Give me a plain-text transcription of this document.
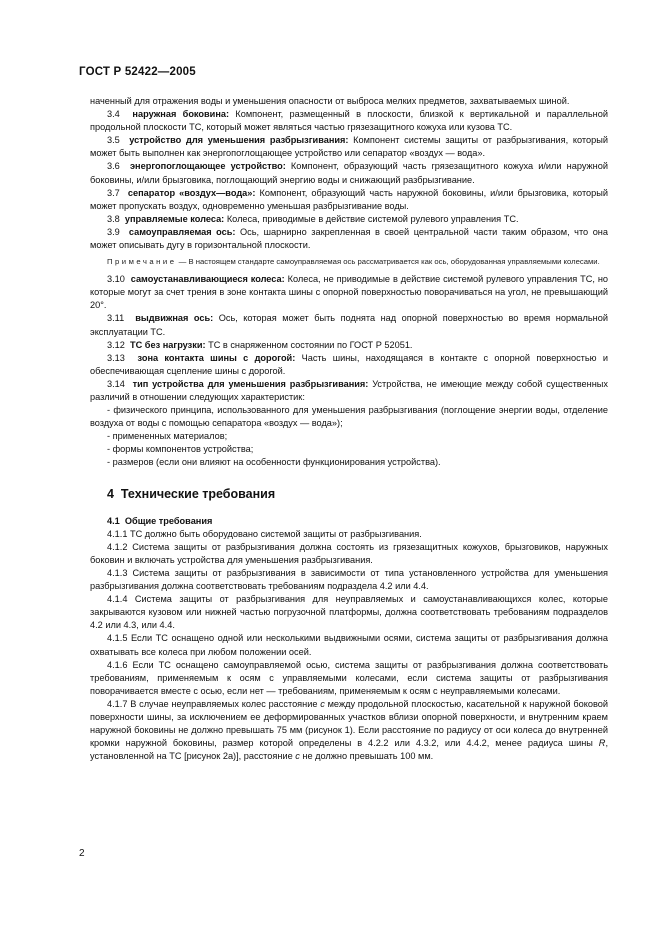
ГОСТ Р 52422—2005

наченный для отражения воды и уменьшения опасности от выброса мелких предметов, захватываемых шиной.

3.4 наружная боковина: Компонент, размещенный в плоскости, близкой к вертикальной и параллельной продольной плоскости ТС, который может являться частью грязезащитного кожуха или кузова ТС.

3.5 устройство для уменьшения разбрызгивания: Компонент системы защиты от разбрызгивания, который может быть выполнен как энергопоглощающее устройство или сепаратор «воздух — вода».

3.6 энергопоглощающее устройство: Компонент, образующий часть грязезащитного кожуха и/или наружной боковины, и/или брызговика, поглощающий энергию воды и снижающий разбрызгивание.

3.7 сепаратор «воздух—вода»: Компонент, образующий часть наружной боковины, и/или брызговика, который может пропускать воздух, одновременно уменьшая разбрызгивание воды.

3.8 управляемые колеса: Колеса, приводимые в действие системой рулевого управления ТС.

3.9 самоуправляемая ось: Ось, шарнирно закрепленная в своей центральной части таким образом, что она может описывать дугу в горизонтальной плоскости.

Примечание — В настоящем стандарте самоуправляемая ось рассматривается как ось, оборудованная управляемыми колесами.

3.10 самоустанавливающиеся колеса: Колеса, не приводимые в действие системой рулевого управления ТС, но которые могут за счет трения в зоне контакта шины с опорной поверхностью поворачиваться на угол, не превышающий 20°.

3.11 выдвижная ось: Ось, которая может быть поднята над опорной поверхностью во время нормальной эксплуатации ТС.

3.12 ТС без нагрузки: ТС в снаряженном состоянии по ГОСТ Р 52051.

3.13 зона контакта шины с дорогой: Часть шины, находящаяся в контакте с опорной поверхностью и обеспечивающая сцепление шины с дорогой.

3.14 тип устройства для уменьшения разбрызгивания: Устройства, не имеющие между собой существенных различий в отношении следующих характеристик:

- физического принципа, использованного для уменьшения разбрызгивания (поглощение энергии воды, отделение воздуха от воды с помощью сепаратора «воздух — вода»);

- примененных материалов;

- формы компонентов устройства;

- размеров (если они влияют на особенности функционирования устройства).

4 Технические требования

4.1 Общие требования

4.1.1 ТС должно быть оборудовано системой защиты от разбрызгивания.

4.1.2 Система защиты от разбрызгивания должна состоять из грязезащитных кожухов, брызговиков, наружных боковин и включать устройства для уменьшения разбрызгивания.

4.1.3 Система защиты от разбрызгивания в зависимости от типа установленного устройства для уменьшения разбрызгивания должна соответствовать требованиям подраздела 4.2 или 4.4.

4.1.4 Система защиты от разбрызгивания для неуправляемых и самоустанавливающихся колес, которые закрываются кузовом или нижней частью погрузочной платформы, должна соответствовать требованиям подразделов 4.2 или 4.3, или 4.4.

4.1.5 Если ТС оснащено одной или несколькими выдвижными осями, система защиты от разбрызгивания должна охватывать все колеса при любом положении осей.

4.1.6 Если ТС оснащено самоуправляемой осью, система защиты от разбрызгивания должна соответствовать требованиям, применяемым к осям с управляемыми колесами, если система защиты от разбрызгивания поворачивается вместе с осью, если нет — требованиям, применяемым к осям с неуправляемыми колесами.

4.1.7 В случае неуправляемых колес расстояние с между продольной плоскостью, касательной к наружной боковой поверхности шины, за исключением ее деформированных участков вблизи опорной поверхности, и внутренним краем наружной боковины не должно превышать 75 мм (рисунок 1). Если расстояние по радиусу от оси колеса до внутренней кромки наружной боковины, размер которой определены в 4.2.2 или 4.3.2, или 4.4.2, менее радиуса шины R, установленной на ТС [рисунок 2а)], расстояние с не должно превышать 100 мм.

2
